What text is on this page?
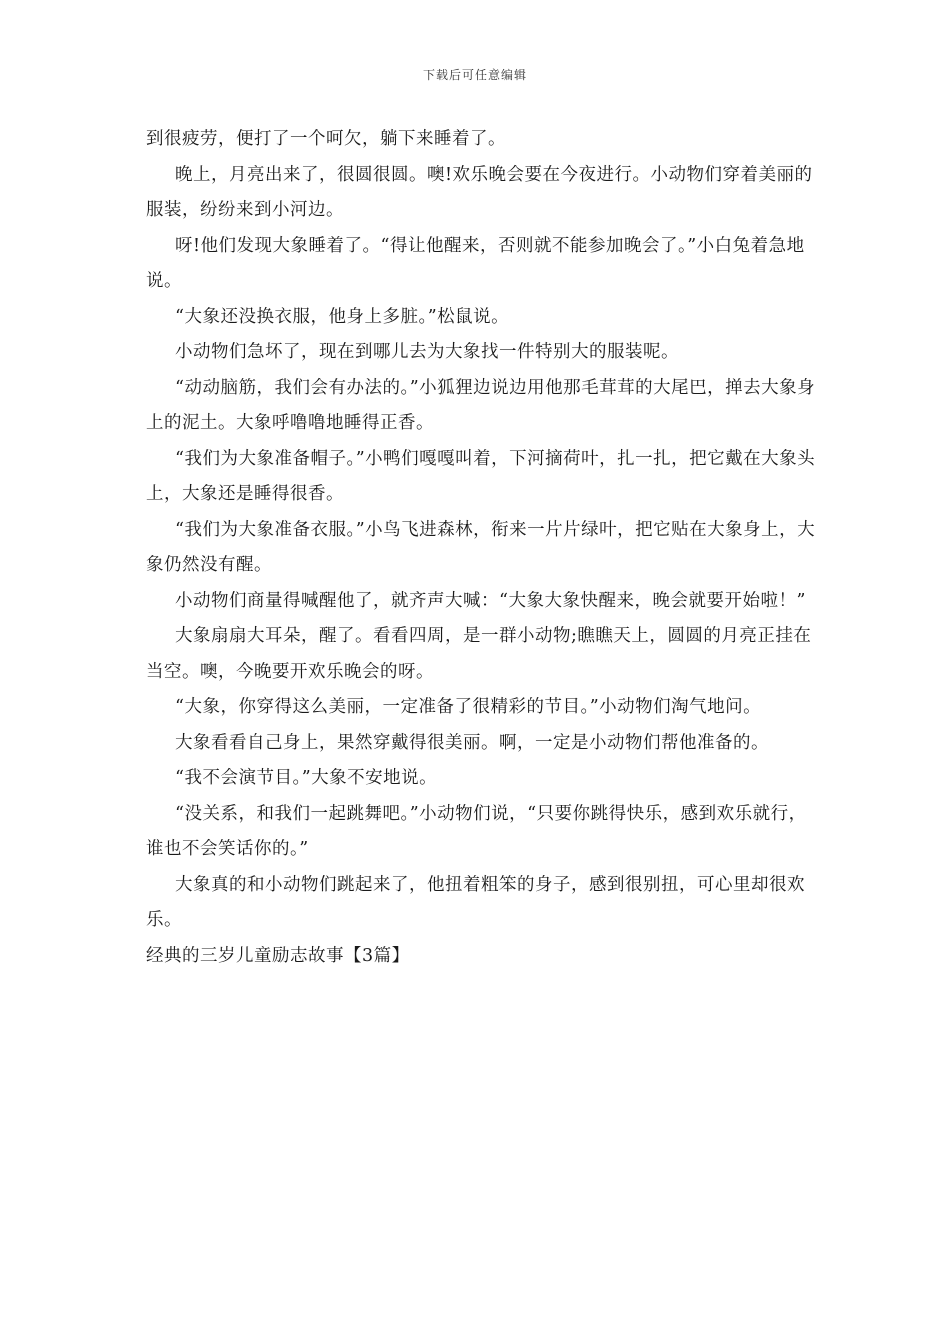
下载后可任意编辑

到很疲劳，便打了一个呵欠，躺下来睡着了。

晚上，月亮出来了，很圆很圆。噢!欢乐晚会要在今夜进行。小动物们穿着美丽的服装，纷纷来到小河边。

呀!他们发现大象睡着了。“得让他醒来，否则就不能参加晚会了。”小白兔着急地说。

“大象还没换衣服，他身上多脏。”松鼠说。

小动物们急坏了，现在到哪儿去为大象找一件特别大的服装呢。

“动动脑筋，我们会有办法的。”小狐狸边说边用他那毛茸茸的大尾巴，掸去大象身上的泥土。大象呼噜噜地睡得正香。

“我们为大象准备帽子。”小鸭们嘎嘎叫着，下河摘荷叶，扎一扎，把它戴在大象头上，大象还是睡得很香。

“我们为大象准备衣服。”小鸟飞进森林，衔来一片片绿叶，把它贴在大象身上，大象仍然没有醒。

小动物们商量得喊醒他了，就齐声大喊：“大象大象快醒来，晚会就要开始啦！”

大象扇扇大耳朵，醒了。看看四周，是一群小动物;瞧瞧天上，圆圆的月亮正挂在当空。噢，今晚要开欢乐晚会的呀。

“大象，你穿得这么美丽，一定准备了很精彩的节目。”小动物们淘气地问。

大象看看自己身上，果然穿戴得很美丽。啊，一定是小动物们帮他准备的。

“我不会演节目。”大象不安地说。

“没关系，和我们一起跳舞吧。”小动物们说，“只要你跳得快乐，感到欢乐就行，谁也不会笑话你的。”

大象真的和小动物们跳起来了，他扭着粗笨的身子，感到很别扭，可心里却很欢乐。

经典的三岁儿童励志故事【3篇】
